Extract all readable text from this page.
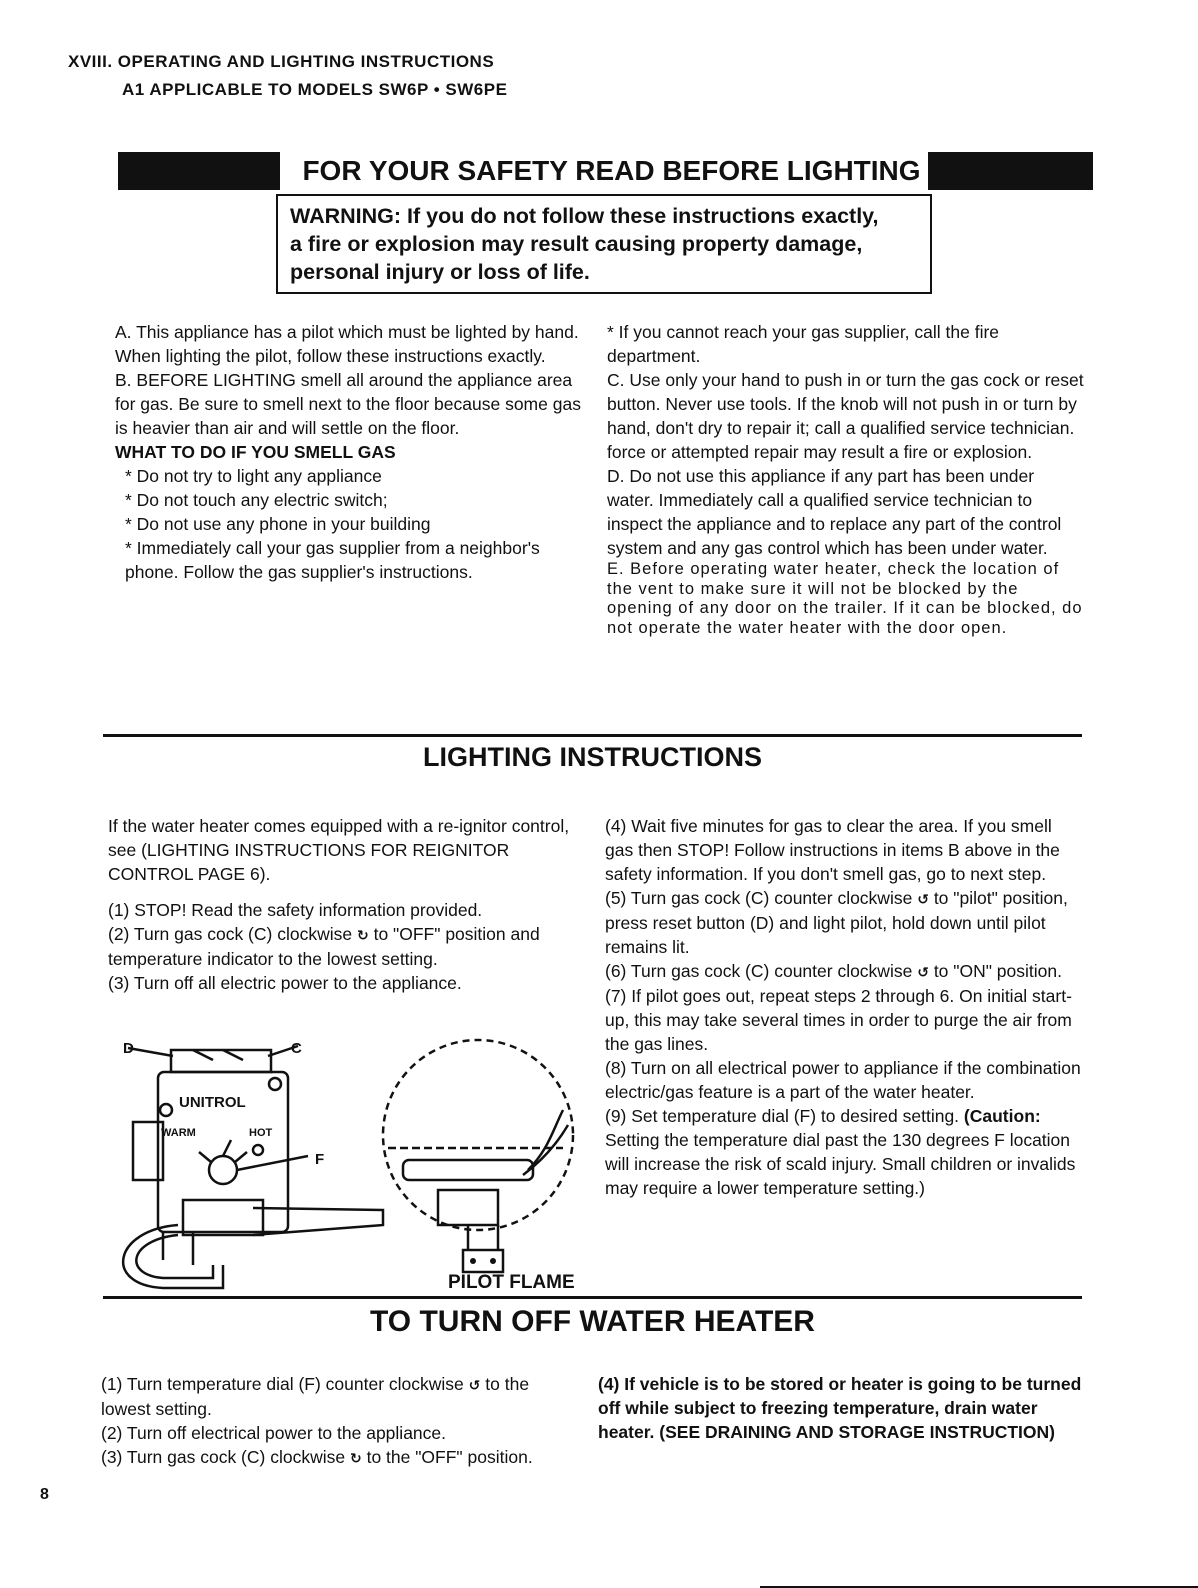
XVIII. OPERATING AND LIGHTING INSTRUCTIONS
A1 APPLICABLE TO MODELS SW6P • SW6PE
FOR YOUR SAFETY READ BEFORE LIGHTING

WARNING: If you do not follow these instructions exactly,

a fire or explosion may result causing property damage,

personal injury or loss of life.

A. This appliance has a pilot which must be lighted by hand. When lighting the pilot, follow these instructions exactly.

B. BEFORE LIGHTING smell all around the appliance area for gas. Be sure to smell next to the floor because some gas is heavier than air and will settle on the floor.

WHAT TO DO IF YOU SMELL GAS

* Do not try to light any appliance

* Do not touch any electric switch;

* Do not use any phone in your building

* Immediately call your gas supplier from a neighbor's phone. Follow the gas supplier's instructions.

* If you cannot reach your gas supplier, call the fire department.

C. Use only your hand to push in or turn the gas cock or reset button. Never use tools. If the knob will not push in or turn by hand, don't dry to repair it; call a qualified service technician. force or attempted repair may result a fire or explosion.

D. Do not use this appliance if any part has been under water. Immediately call a qualified service technician to inspect the appliance and to replace any part of the control system and any gas control which has been under water.

E. Before operating water heater, check the location of the vent to make sure it will not be blocked by the opening of any door on the trailer. If it can be blocked, do not operate the water heater with the door open.

LIGHTING INSTRUCTIONS

If the water heater comes equipped with a re-ignitor control, see (LIGHTING INSTRUCTIONS FOR REIGNITOR CONTROL PAGE 6).

(1) STOP! Read the safety information provided.

(2) Turn gas cock (C) clockwise ↻ to "OFF" position and temperature indicator to the lowest setting.

(3) Turn off all electric power to the appliance.

(4) Wait five minutes for gas to clear the area. If you smell gas then STOP! Follow instructions in items B above in the safety information. If you don't smell gas, go to next step.

(5) Turn gas cock (C) counter clockwise ↺ to "pilot" position, press reset button (D) and light pilot, hold down until pilot remains lit.

(6) Turn gas cock (C) counter clockwise ↺ to "ON" position.

(7) If pilot goes out, repeat steps 2 through 6. On initial start-up, this may take several times in order to purge the air from the gas lines.

(8) Turn on all electrical power to appliance if the combination electric/gas feature is a part of the water heater.

(9) Set temperature dial (F) to desired setting. (Caution: Setting the temperature dial past the 130 degrees F location will increase the risk of scald injury. Small children or invalids may require a lower temperature setting.)

D	C
F
UNITROL
WARM	HOT
PILOT FLAME
TO TURN OFF WATER HEATER

(1) Turn temperature dial (F) counter clockwise ↺ to the lowest setting.

(2) Turn off electrical power to the appliance.

(3) Turn gas cock (C) clockwise ↻ to the "OFF" position.

(4) If vehicle is to be stored or heater is going to be turned off while subject to freezing temperature, drain water heater. (SEE DRAINING AND STORAGE INSTRUCTION)

8
